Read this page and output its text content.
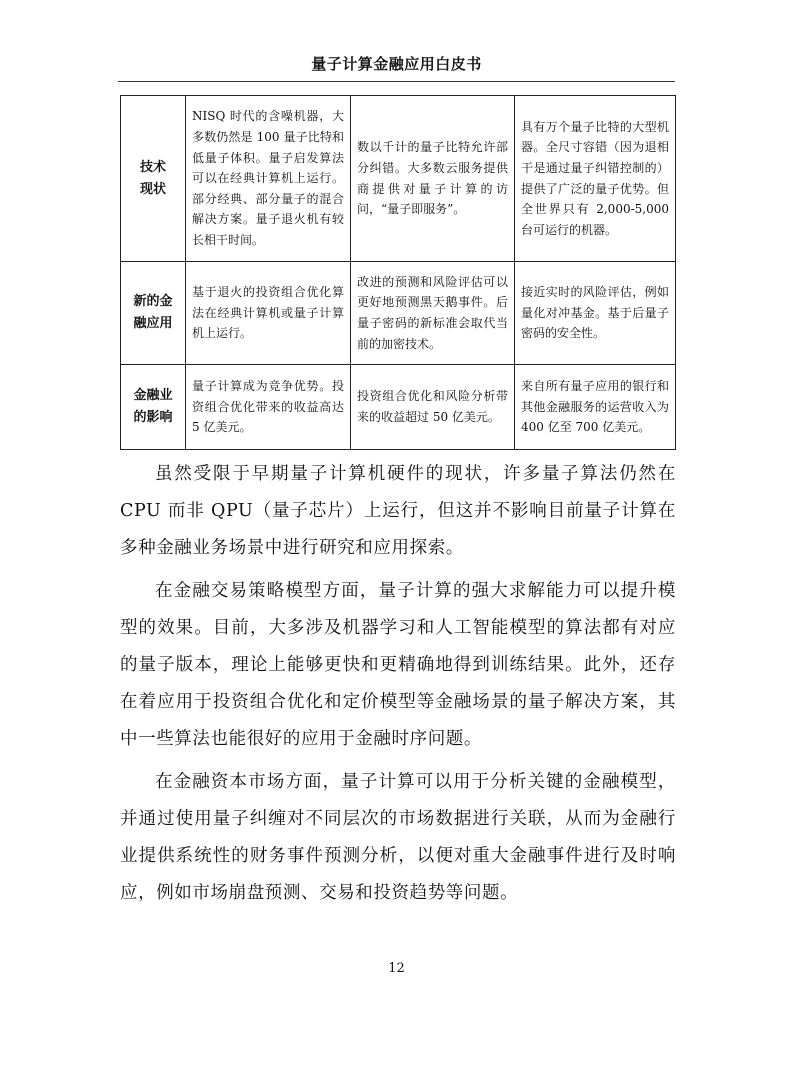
量子计算金融应用白皮书
技术
现状	NISQ 时代的含噪机器，大多数仍然是 100 量子比特和低量子体积。量子启发算法可以在经典计算机上运行。部分经典、部分量子的混合解决方案。量子退火机有较长相干时间。	数以千计的量子比特允许部分纠错。大多数云服务提供商提供对量子计算的访问，“量子即服务”。	具有万个量子比特的大型机器。全尺寸容错（因为退相干是通过量子纠错控制的）提供了广泛的量子优势。但全世界只有 2,000-5,000 台可运行的机器。
新的金
融应用	基于退火的投资组合优化算法在经典计算机或量子计算机上运行。	改进的预测和风险评估可以更好地预测黑天鹅事件。后量子密码的新标准会取代当前的加密技术。	接近实时的风险评估，例如量化对冲基金。基于后量子密码的安全性。
金融业
的影响	量子计算成为竞争优势。投资组合优化带来的收益高达 5 亿美元。	投资组合优化和风险分析带来的收益超过 50 亿美元。	来自所有量子应用的银行和其他金融服务的运营收入为 400 亿至 700 亿美元。

虽然受限于早期量子计算机硬件的现状，许多量子算法仍然在 CPU 而非 QPU（量子芯片）上运行，但这并不影响目前量子计算在多种金融业务场景中进行研究和应用探索。

在金融交易策略模型方面，量子计算的强大求解能力可以提升模型的效果。目前，大多涉及机器学习和人工智能模型的算法都有对应的量子版本，理论上能够更快和更精确地得到训练结果。此外，还存在着应用于投资组合优化和定价模型等金融场景的量子解决方案，其中一些算法也能很好的应用于金融时序问题。

在金融资本市场方面，量子计算可以用于分析关键的金融模型，并通过使用量子纠缠对不同层次的市场数据进行关联，从而为金融行业提供系统性的财务事件预测分析，以便对重大金融事件进行及时响应，例如市场崩盘预测、交易和投资趋势等问题。

12
